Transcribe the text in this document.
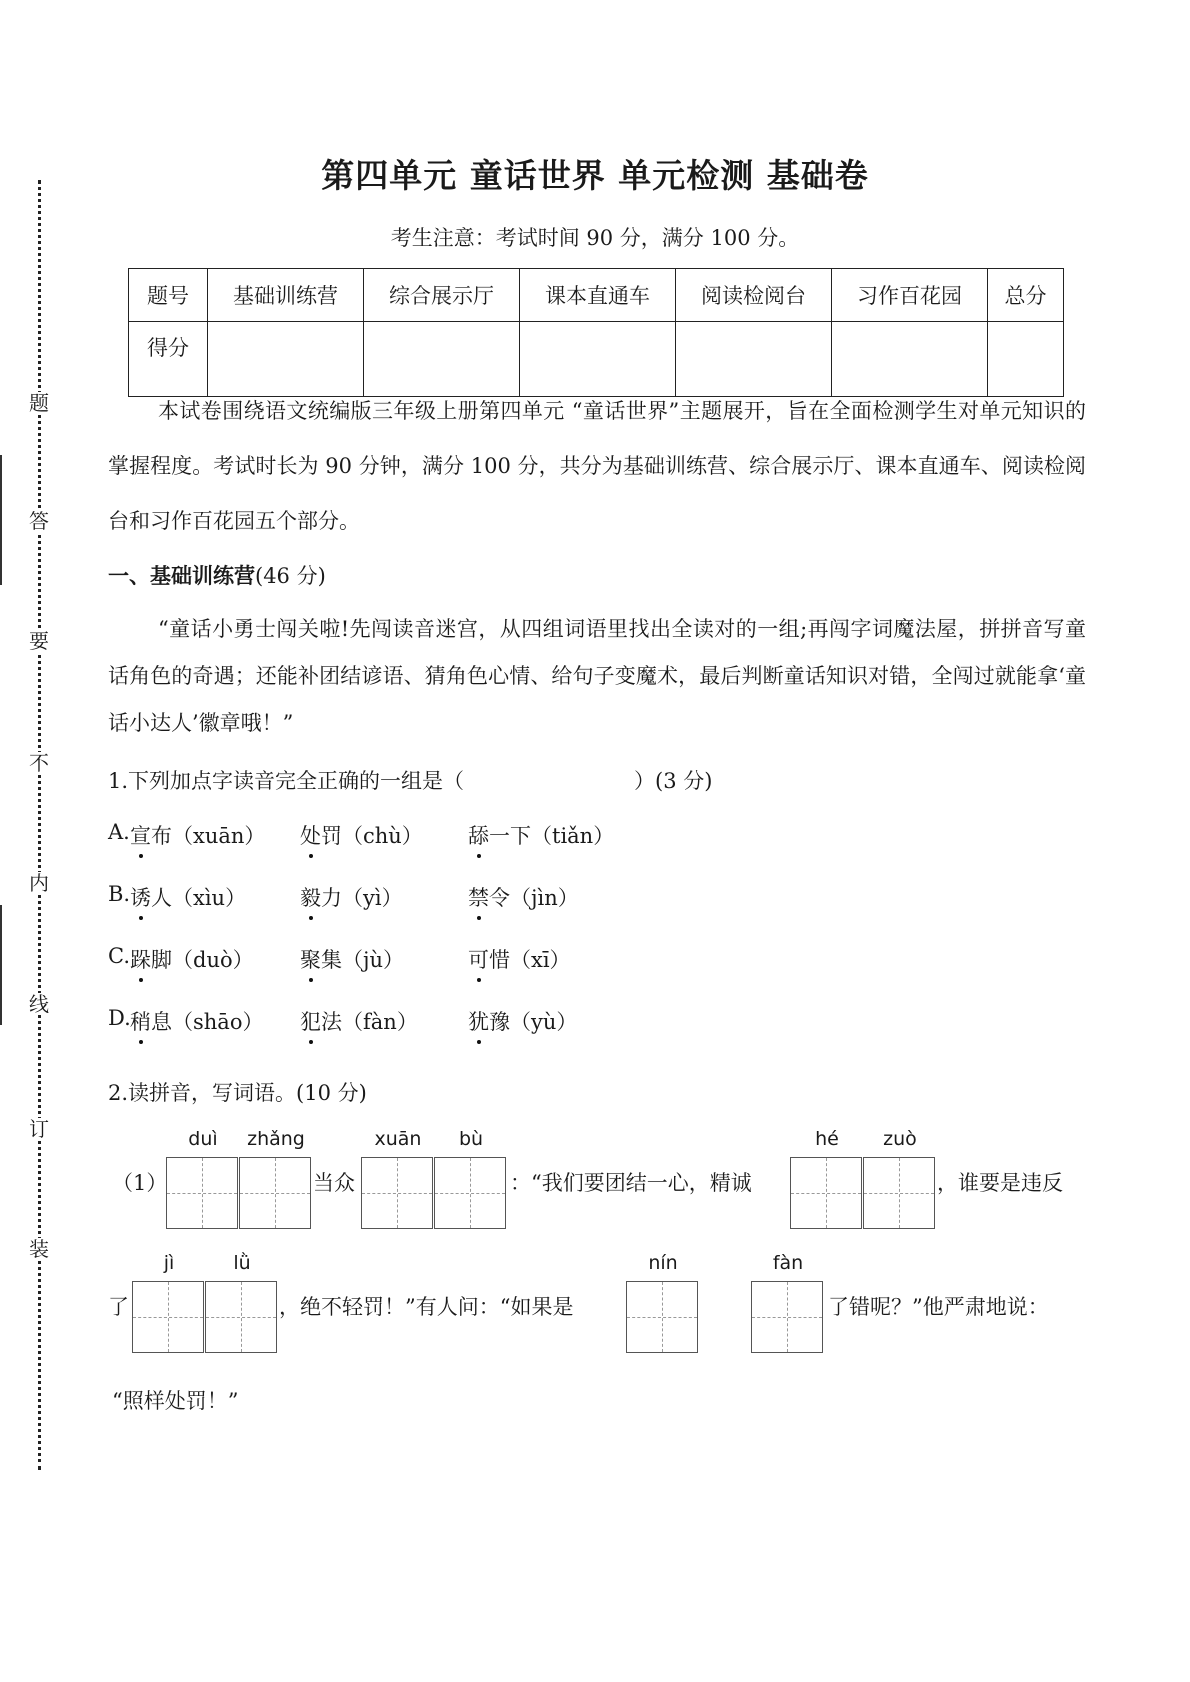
题
答
要
不
内
线
订
装
第四单元 童话世界 单元检测 基础卷
考生注意：考试时间 90 分，满分 100 分。
题号	基础训练营	综合展示厅	课本直通车	阅读检阅台	习作百花园	总分
得分						
本试卷围绕语文统编版三年级上册第四单元 “童话世界”主题展开，旨在全面检测学生对单元知识的掌握程度。考试时长为 90 分钟，满分 100 分，共分为基础训练营、综合展示厅、课本直通车、阅读检阅台和习作百花园五个部分。
一、基础训练营(46 分)
“童话小勇士闯关啦!先闯读音迷宫，从四组词语里找出全读对的一组;再闯字词魔法屋，拼拼音写童话角色的奇遇；还能补团结谚语、猜角色心情、给句子变魔术，最后判断童话知识对错，全闯过就能拿‘童话小达人’徽章哦！”
1.下列加点字读音完全正确的一组是（	）(3 分)
A. 宣布（xuān） 处罚（chù） 舔一下（tiǎn）
B. 诱人（xìu）	毅力（yì）	禁令（jìn）
C. 跺脚（duò） 聚集（jù）	可惜（xī）
D. 稍息（shāo） 犯法（fàn） 犹豫（yù）
2.读拼音，写词语。(10 分)
（1）
duì	zhǎng
当众
xuān	bù
：“我们要团结一心，精诚
hé	zuò
，谁要是违反
了
jì	lǜ
，绝不轻罚！”有人问：“如果是
nín	fàn
了错呢？”他严肃地说：
“照样处罚！”
